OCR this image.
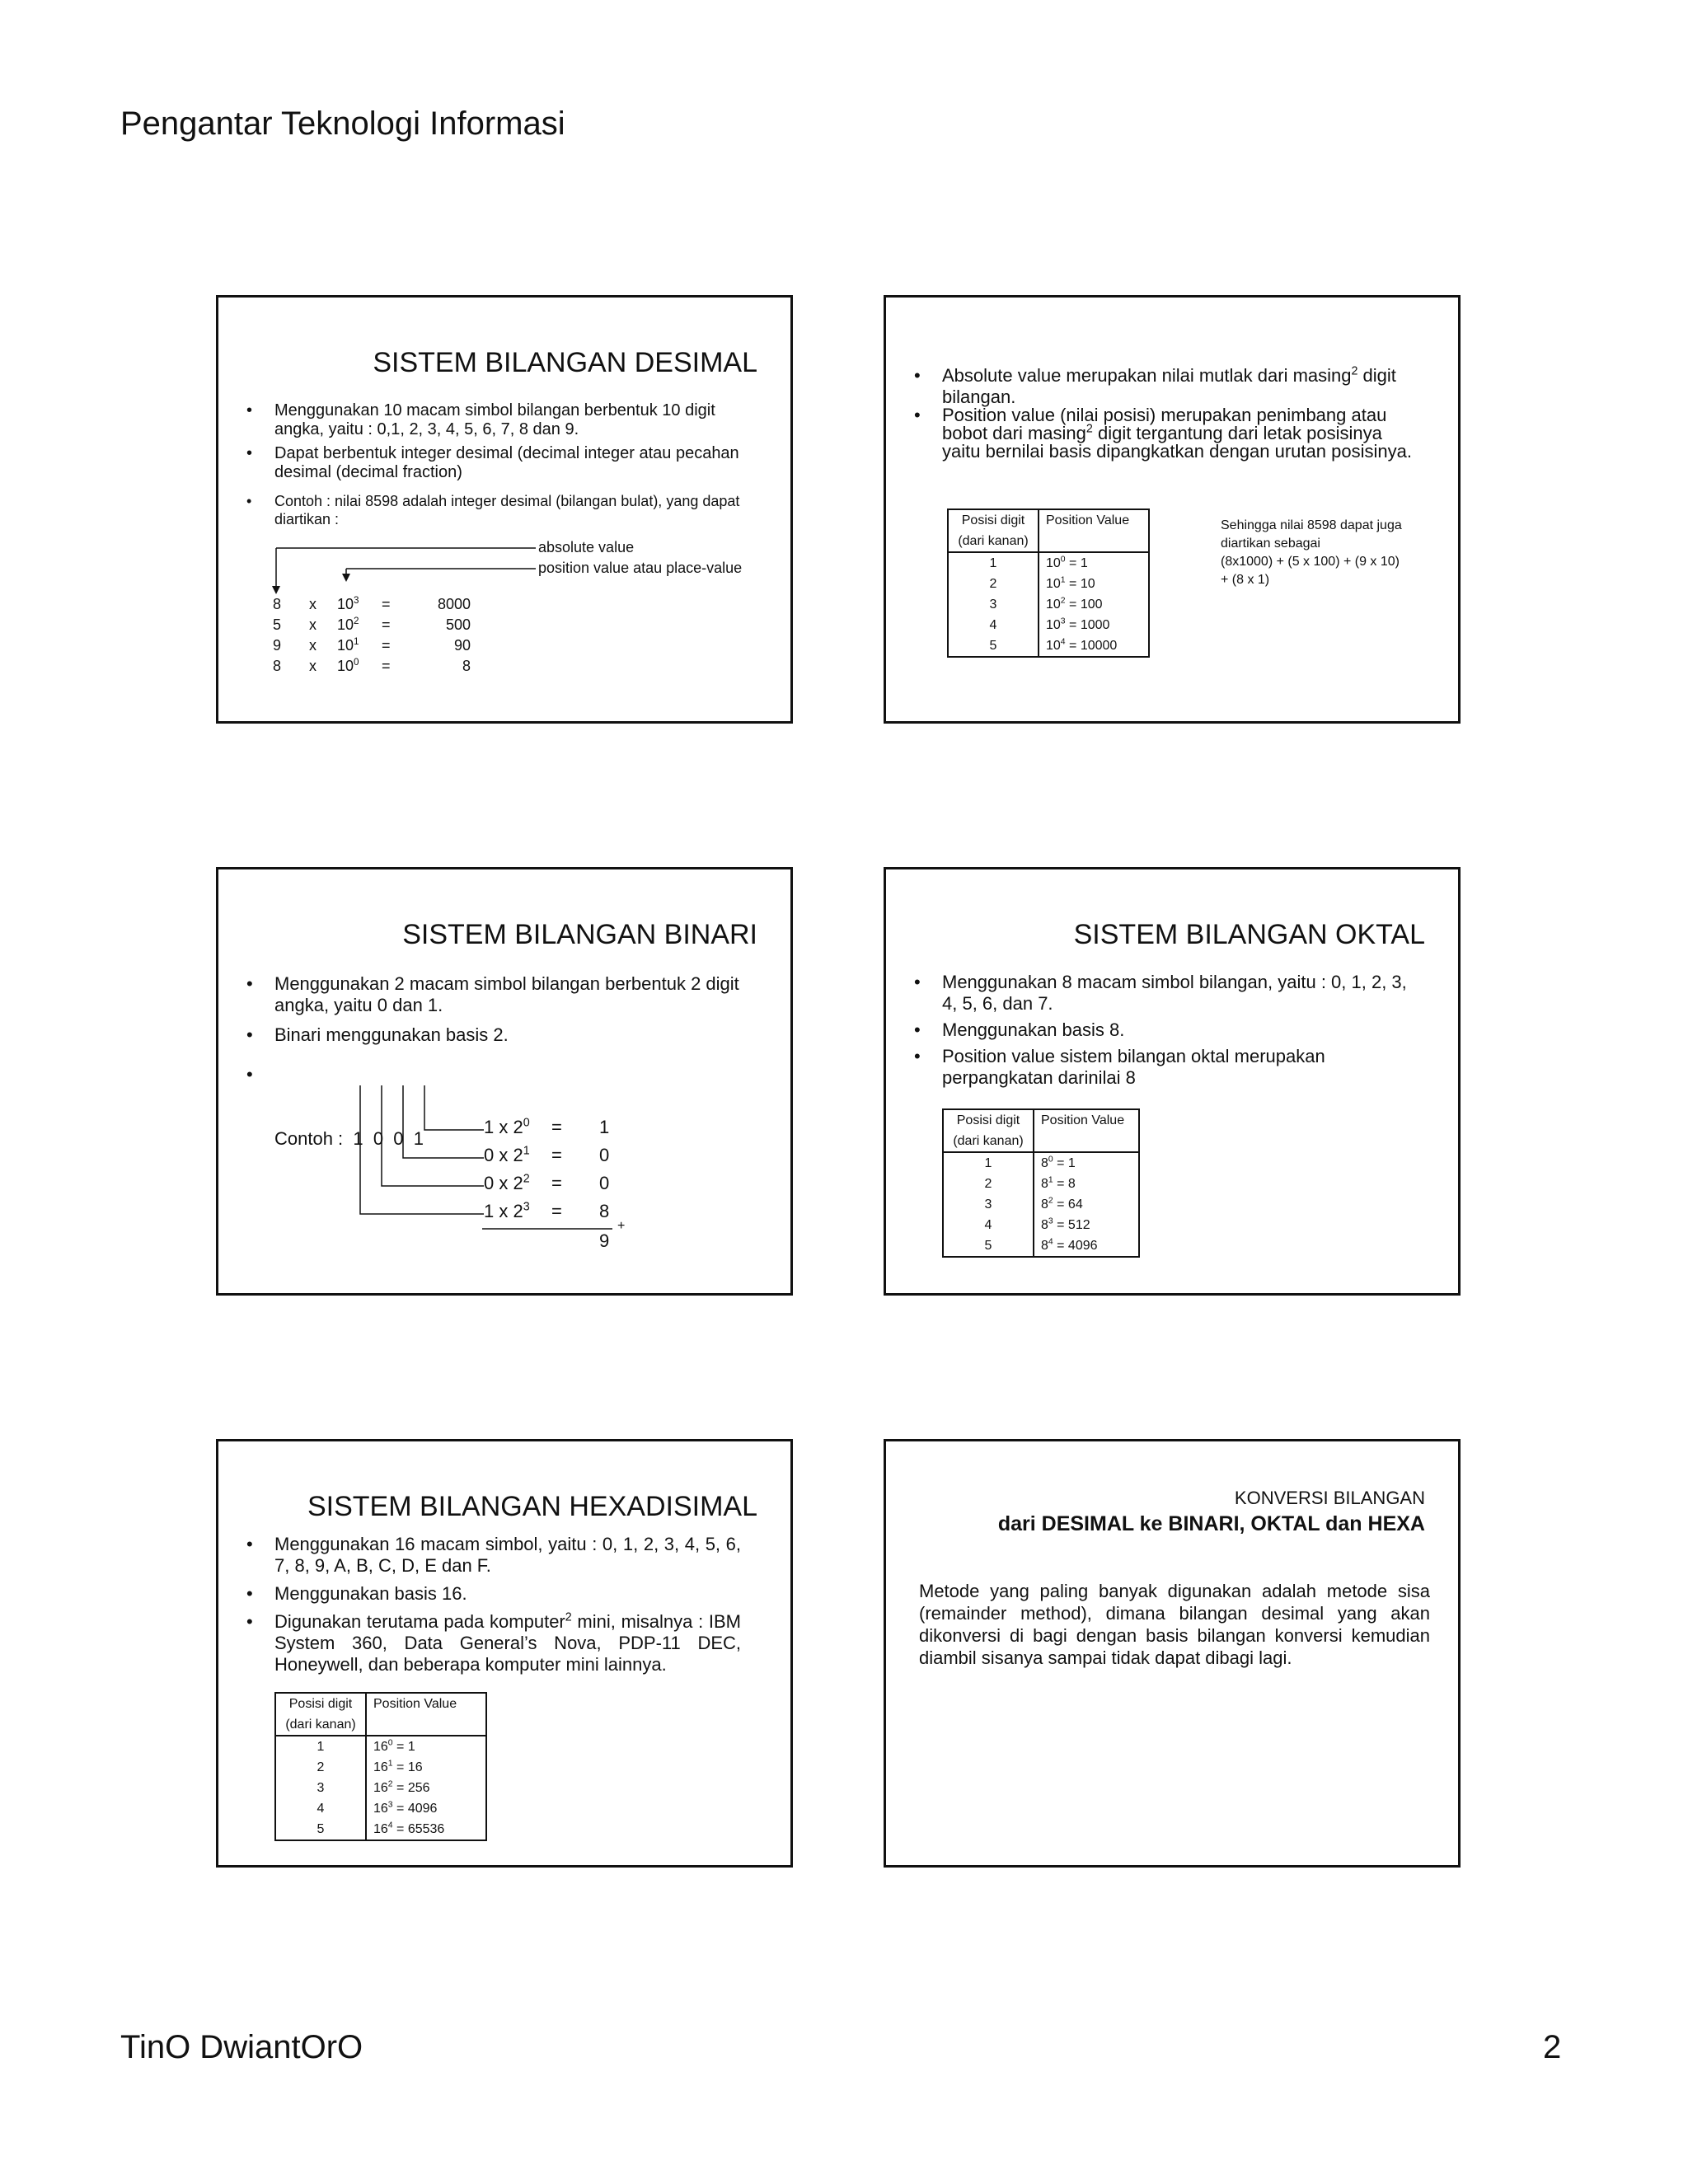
Pengantar Teknologi Informasi
SISTEM BILANGAN DESIMAL
• Menggunakan 10 macam simbol bilangan berbentuk 10 digit angka, yaitu : 0,1, 2, 3, 4, 5, 6, 7, 8 dan 9.
• Dapat berbentuk integer desimal (decimal integer atau pecahan desimal (decimal fraction)
• Contoh : nilai 8598 adalah integer desimal (bilangan bulat), yang dapat diartikan :
absolute value
position value atau place-value
8 x $10^3$ =	8000
5 x $10^2$ =	500
9 x $10^1$ =	90
8 x $10^0$ =	8
• Absolute value merupakan nilai mutlak dari masing$^2$ digit bilangan.
• Position value (nilai posisi) merupakan penimbang atau bobot dari masing$^2$ digit tergantung dari letak posisinya yaitu bernilai basis dipangkatkan dengan urutan posisinya.
Posisi digit
(dari kanan)	Position Value
1	$10^0 = 1$
2	$10^1 = 10$
3	$10^2 = 100$
4	$10^3 = 1000$
5	$10^4 = 10000$
Sehingga nilai 8598 dapat juga
diartikan sebagai
(8x1000) + (5 x 100) + (9 x 10)
+ (8 x 1)
SISTEM BILANGAN BINARI
• Menggunakan 2 macam simbol bilangan berbentuk 2 digit angka, yaitu 0 dan 1.
• Binari menggunakan basis 2.

•

Contoh :  1  0  0  1

1 x $2^0 = 1$
0 x $2^1 = 0$
0 x $2^2 = 0$
1 x $2^3 = 8$
+
9
SISTEM BILANGAN OKTAL
• Menggunakan 8 macam simbol bilangan, yaitu : 0, 1, 2, 3, 4, 5, 6, dan 7.
• Menggunakan basis 8.
• Position value sistem bilangan oktal merupakan perpangkatan darinilai 8
Posisi digit
(dari kanan)	Position Value
1	$8^0 = 1$
2	$8^1 = 8$
3	$8^2 = 64$
4	$8^3 = 512$
5	$8^4 = 4096$
SISTEM BILANGAN HEXADISIMAL
• Menggunakan 16 macam simbol, yaitu : 0, 1, 2, 3, 4, 5, 6, 7, 8, 9, A, B, C, D, E dan F.
• Menggunakan basis 16.
• Digunakan terutama pada komputer$^2$ mini, misalnya : IBM System 360, Data General’s Nova, PDP-11 DEC, Honeywell, dan beberapa komputer mini lainnya.
Posisi digit
(dari kanan)	Position Value
1	$16^0 = 1$
2	$16^1 = 16$
3	$16^2 = 256$
4	$16^3 = 4096$
5	$16^4 = 65536$
KONVERSI BILANGAN
dari DESIMAL ke BINARI, OKTAL dan HEXA
Metode yang paling banyak digunakan adalah metode sisa (remainder method), dimana bilangan desimal yang akan dikonversi di bagi dengan basis bilangan konversi kemudian diambil sisanya sampai tidak dapat dibagi lagi.
TinO DwiantOrO	2
